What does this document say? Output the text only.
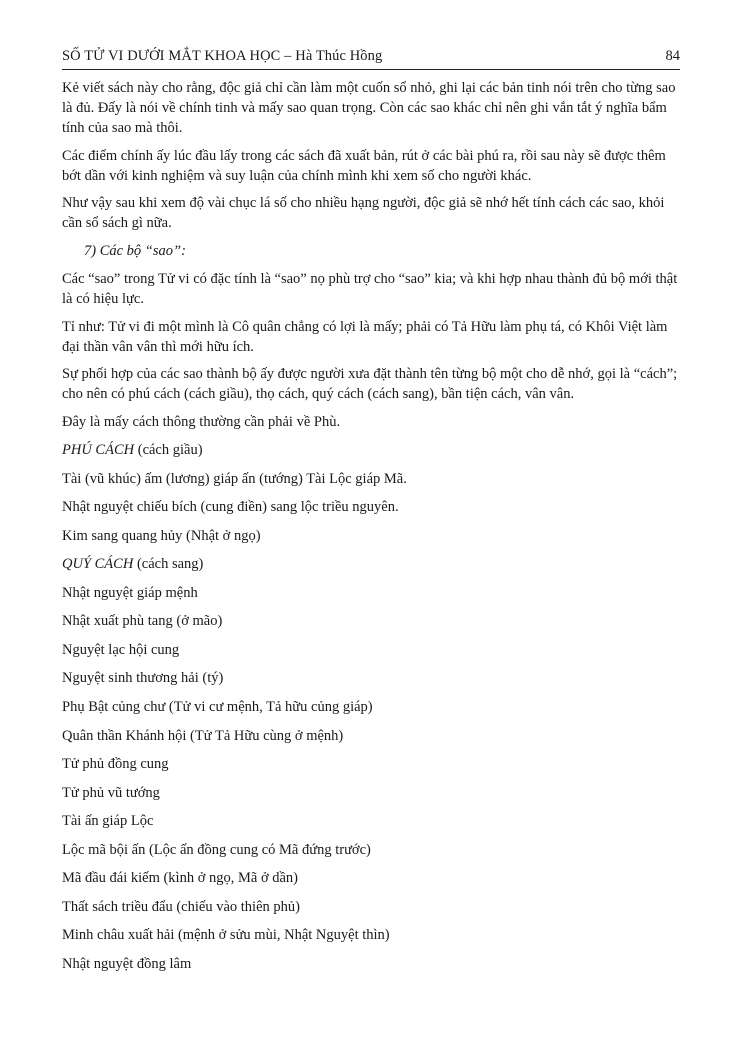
SỐ TỬ VI DƯỚI MẮT KHOA HỌC – Hà Thúc Hồng	84

Kẻ viết sách này cho rằng, độc giả chỉ cần làm một cuốn sổ nhỏ, ghi lại các bản tinh nói trên cho từng sao là đủ. Đấy là nói về chính tinh và mấy sao quan trọng. Còn các sao khác chỉ nên ghi vắn tắt ý nghĩa bẩm tính của sao mà thôi.

Các điểm chính ấy lúc đầu lấy trong các sách đã xuất bản, rút ở các bài phú ra, rồi sau này sẽ được thêm bớt dần với kinh nghiệm và suy luận của chính mình khi xem số cho người khác.

Như vậy sau khi xem độ vài chục lá số cho nhiều hạng người, độc giả sẽ nhớ hết tính cách các sao, khỏi cần sổ sách gì nữa.

7) Các bộ “sao”:

Các “sao” trong Tử vi có đặc tính là “sao” nọ phù trợ cho “sao” kia; và khi hợp nhau thành đủ bộ mới thật là có hiệu lực.

Tỉ như: Tử vi đi một mình là Cô quân chẳng có lợi là mấy; phải có Tả Hữu làm phụ tá, có Khôi Việt làm đại thần vân vân thì mới hữu ích.

Sự phối hợp của các sao thành bộ ấy được người xưa đặt thành tên từng bộ một cho dễ nhớ, gọi là “cách”; cho nên có phú cách (cách giầu), thọ cách, quý cách (cách sang), bần tiện cách, vân vân.

Đây là mấy cách thông thường cần phải về Phù.

PHÚ CÁCH (cách giầu)

Tài (vũ khúc) ấm (lương) giáp ấn (tướng) Tài Lộc giáp Mã.

Nhật nguyệt chiếu bích (cung điền) sang lộc triều nguyên.

Kim sang quang hủy (Nhật ở ngọ)

QUÝ CÁCH (cách sang)

Nhật nguyệt giáp mệnh

Nhật xuất phù tang (ở mão)

Nguyệt lạc hội cung

Nguyệt sinh thương hải (tý)

Phụ Bật củng chư (Tử vi cư mệnh, Tả hữu củng giáp)

Quân thần Khánh hội (Tử Tả Hữu cùng ở mệnh)

Tử phủ đồng cung

Tử phủ vũ tướng

Tài ấn giáp Lộc

Lộc mã bội ấn (Lộc ấn đồng cung có Mã đứng trước)

Mã đầu đái kiếm (kình ở ngọ, Mã ở dần)

Thất sách triều đẩu (chiếu vào thiên phủ)

Minh châu xuất hải (mệnh ở sửu mùi, Nhật Nguyệt thìn)

Nhật nguyệt đồng lâm
